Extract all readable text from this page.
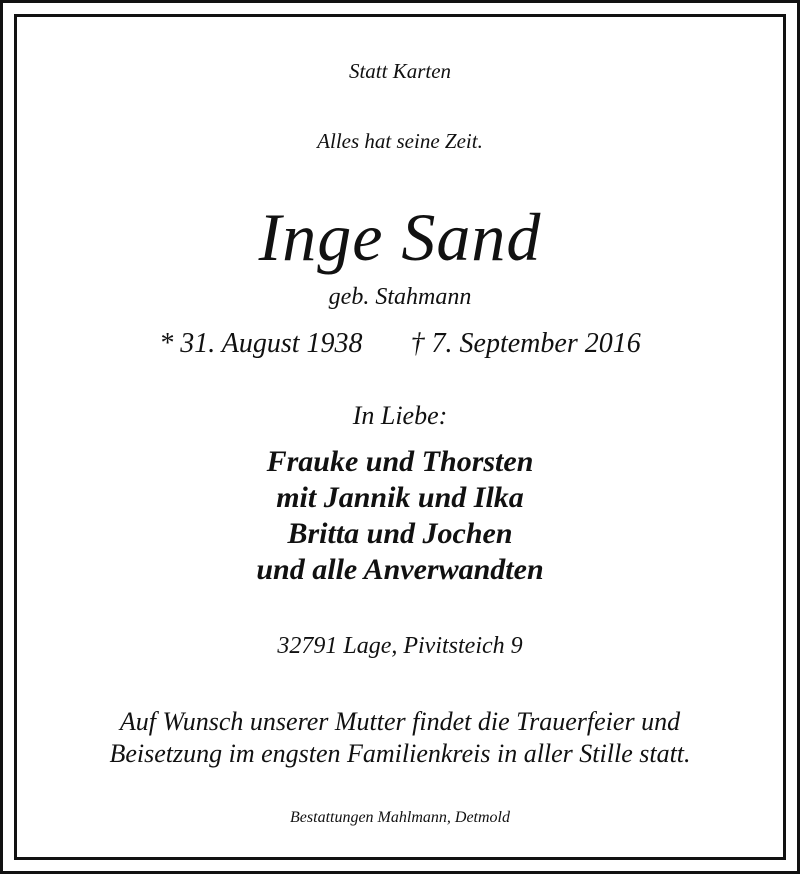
Statt Karten
Alles hat seine Zeit.
Inge Sand
geb. Stahmann
* 31. August 1938 † 7. September 2016
In Liebe:
Frauke und Thorsten
mit Jannik und Ilka
Britta und Jochen
und alle Anverwandten
32791 Lage, Pivitsteich 9
Auf Wunsch unserer Mutter findet die Trauerfeier und
Beisetzung im engsten Familienkreis in aller Stille statt.
Bestattungen Mahlmann, Detmold
